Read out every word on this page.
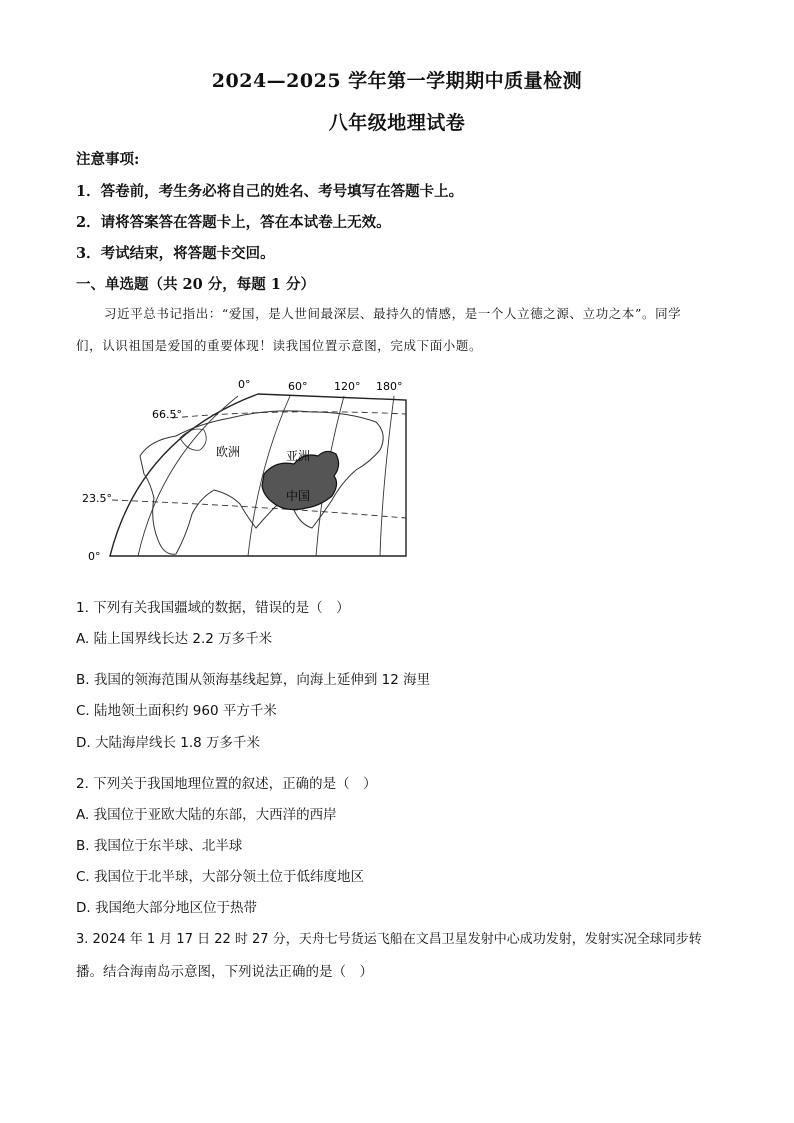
2024—2025 学年第一学期期中质量检测
八年级地理试卷
注意事项:
1．答卷前，考生务必将自己的姓名、考号填写在答题卡上。
2．请将答案答在答题卡上，答在本试卷上无效。
3．考试结束，将答题卡交回。
一、单选题（共 20 分，每题 1 分）
习近平总书记指出：“爱国，是人世间最深层、最持久的情感，是一个人立德之源、立功之本”。同学
们，认识祖国是爱国的重要体现！读我国位置示意图，完成下面小题。
0°	60° 120° 180°
66.5°
23.5°
0°
欧洲	亚洲
中国
1. 下列有关我国疆域的数据，错误的是（　）
A. 陆上国界线长达 2.2 万多千米
B. 我国的领海范围从领海基线起算，向海上延伸到 12 海里
C. 陆地领土面积约 960 平方千米
D. 大陆海岸线长 1.8 万多千米
2. 下列关于我国地理位置的叙述，正确的是（　）
A. 我国位于亚欧大陆的东部，大西洋的西岸
B. 我国位于东半球、北半球
C. 我国位于北半球，大部分领土位于低纬度地区
D. 我国绝大部分地区位于热带
3. 2024 年 1 月 17 日 22 时 27 分，天舟七号货运飞船在文昌卫星发射中心成功发射，发射实况全球同步转
播。结合海南岛示意图，下列说法正确的是（　）
